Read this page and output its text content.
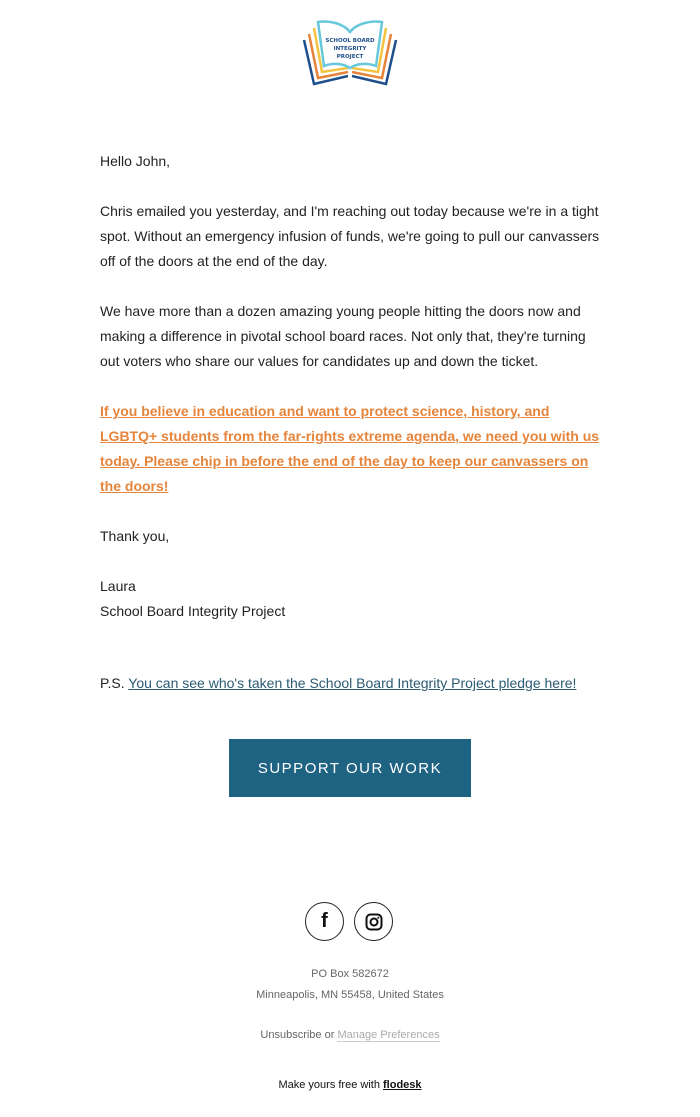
SCHOOL BOARD
INTEGRITY
PROJECT

Hello John,

Chris emailed you yesterday, and I'm reaching out today because we're in a tight spot. Without an emergency infusion of funds, we're going to pull our canvassers off of the doors at the end of the day.

We have more than a dozen amazing young people hitting the doors now and making a difference in pivotal school board races. Not only that, they're turning out voters who share our values for candidates up and down the ticket.

If you believe in education and want to protect science, history, and LGBTQ+ students from the far-rights extreme agenda, we need you with us today. Please chip in before the end of the day to keep our canvassers on the doors!

Thank you,

Laura
School Board Integrity Project

P.S. You can see who's taken the School Board Integrity Project pledge here!

SUPPORT OUR WORK
f
PO Box 582672
Minneapolis, MN 55458, United States
Unsubscribe or Manage Preferences
Make yours free with flodesk
